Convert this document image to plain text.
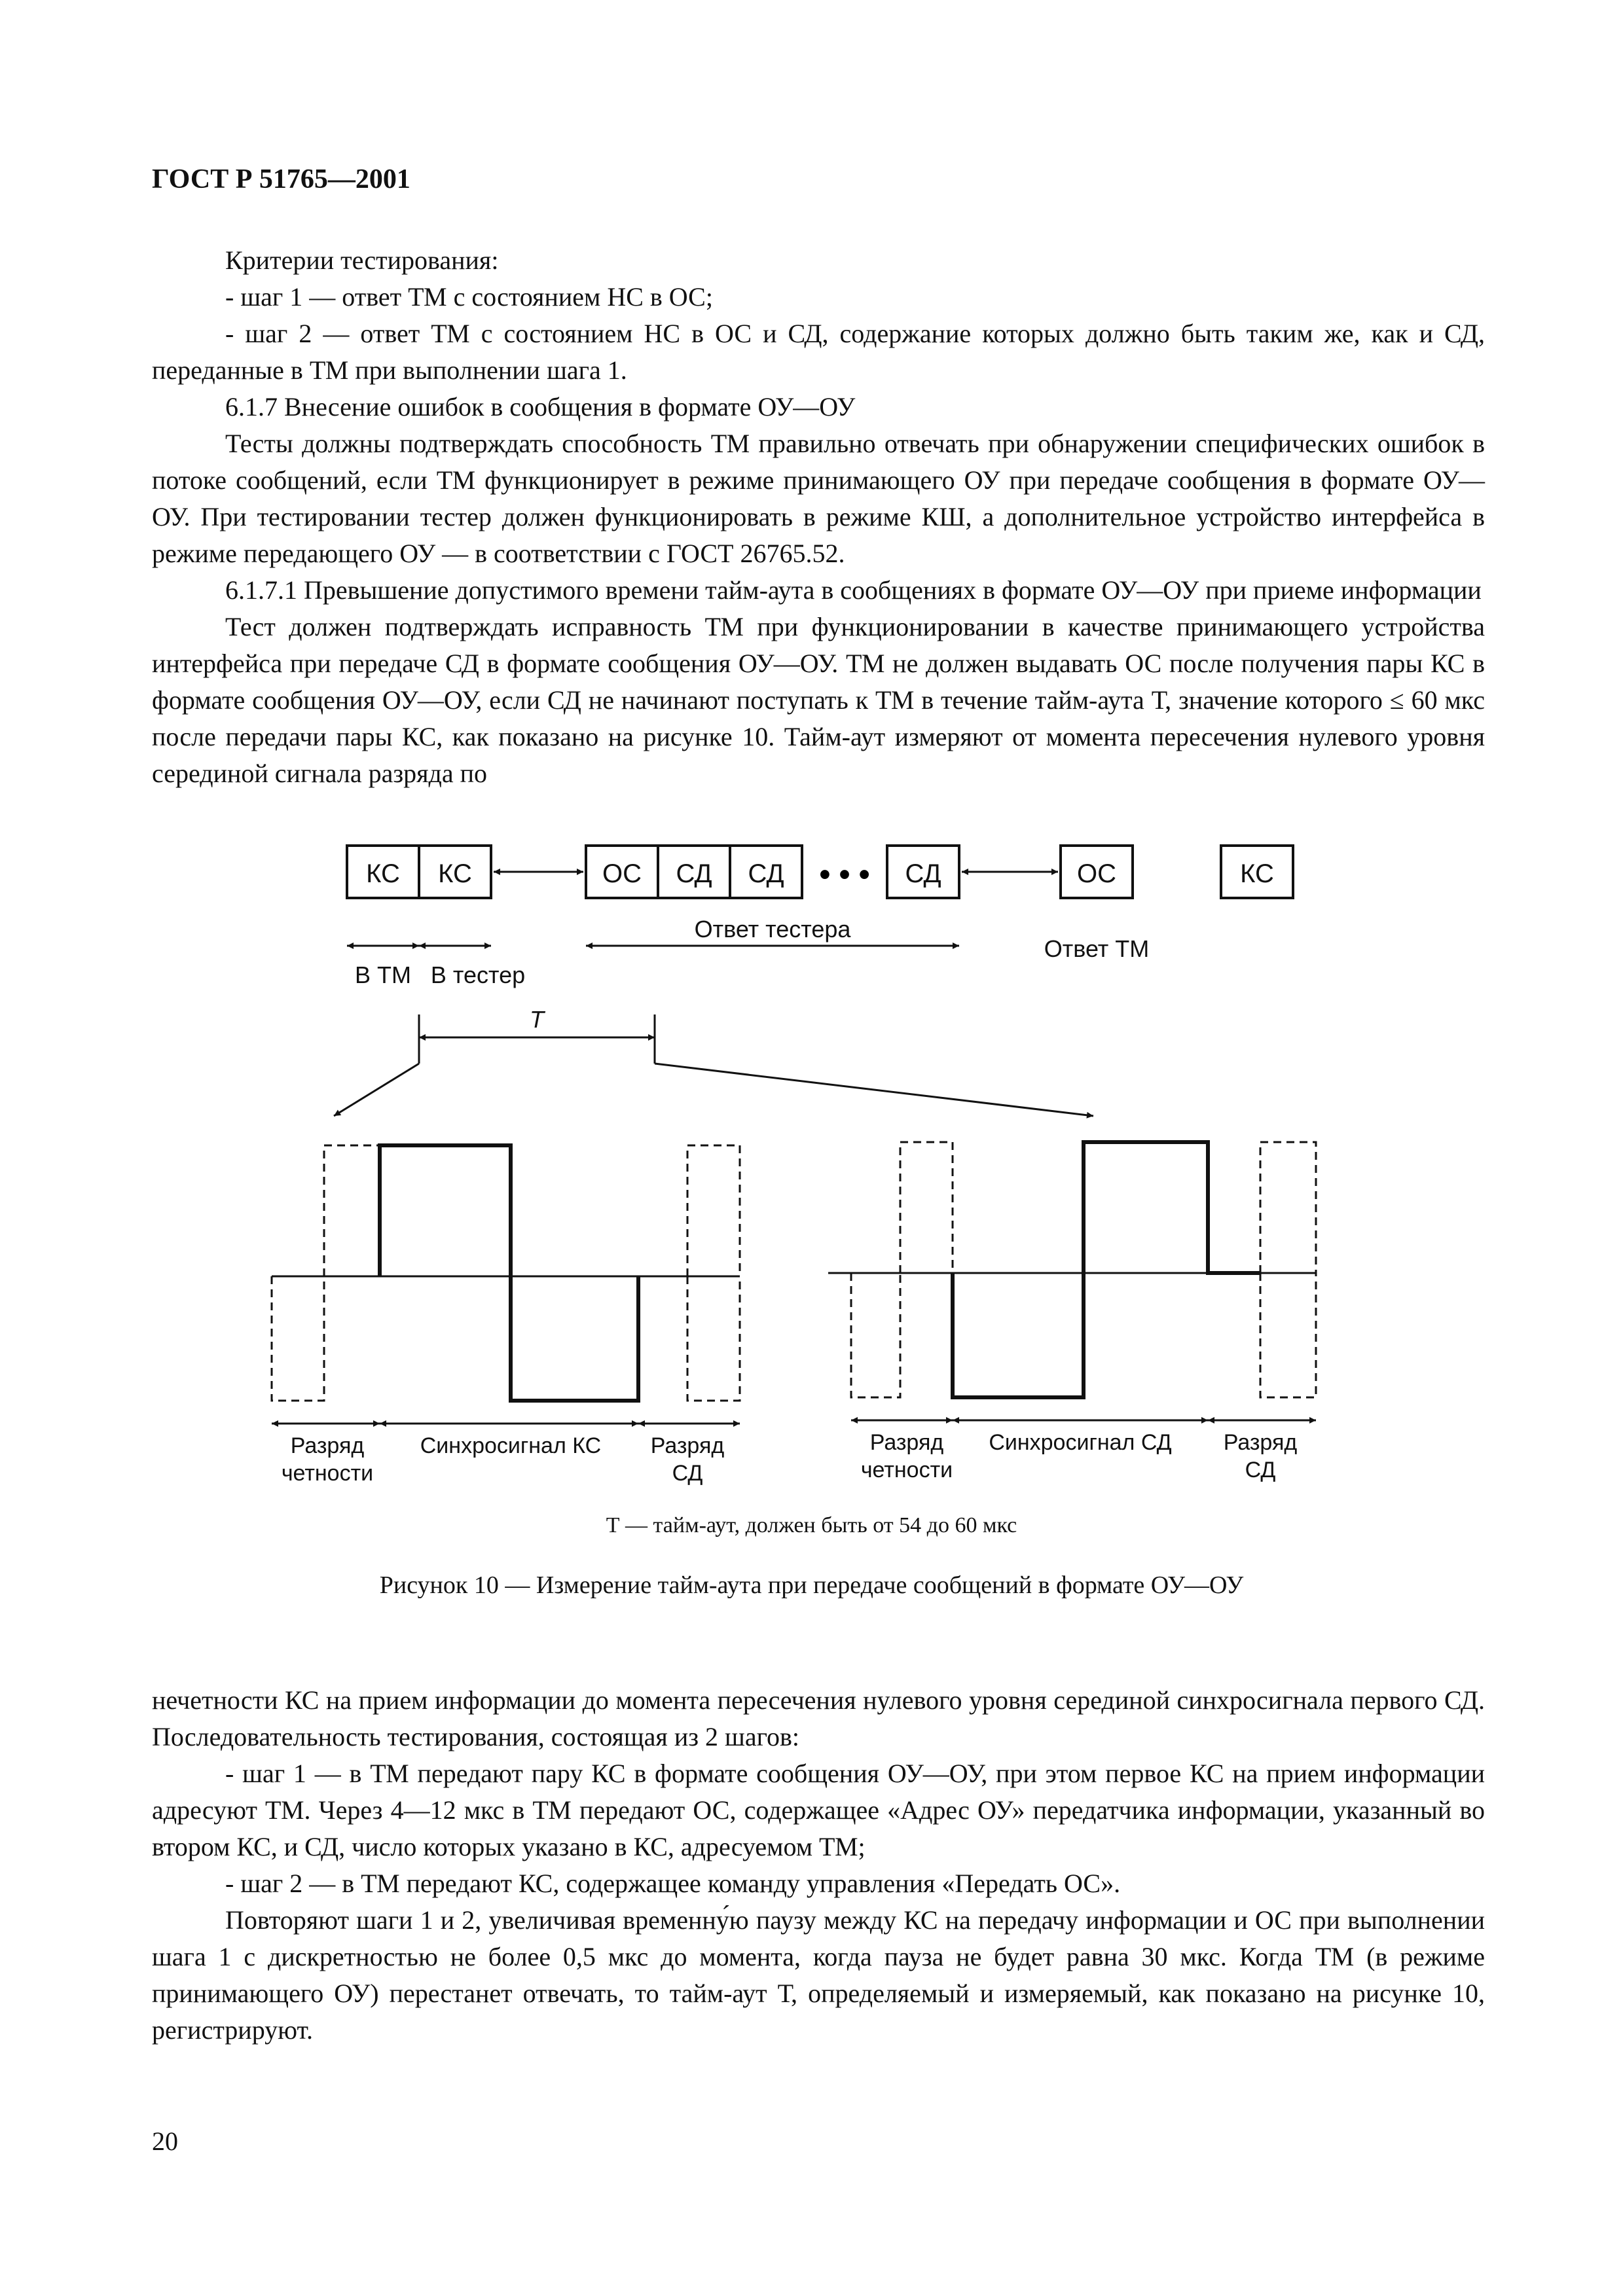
ГОСТ Р 51765—2001

Критерии тестирования:

- шаг 1 — ответ ТМ с состоянием НС в ОС;

- шаг 2 — ответ ТМ с состоянием НС в ОС и СД, содержание которых должно быть таким же, как и СД, переданные в ТМ при выполнении шага 1.

6.1.7 Внесение ошибок в сообщения в формате ОУ—ОУ

Тесты должны подтверждать способность ТМ правильно отвечать при обнаружении специфических ошибок в потоке сообщений, если ТМ функционирует в режиме принимающего ОУ при передаче сообщения в формате ОУ—ОУ. При тестировании тестер должен функционировать в режиме КШ, а дополнительное устройство интерфейса в режиме передающего ОУ — в соответствии с ГОСТ 26765.52.

6.1.7.1 Превышение допустимого времени тайм-аута в сообщениях в формате ОУ—ОУ при приеме информации

Тест должен подтверждать исправность ТМ при функционировании в качестве принимающего устройства интерфейса при передаче СД в формате сообщения ОУ—ОУ. ТМ не должен выдавать ОС после получения пары КС в формате сообщения ОУ—ОУ, если СД не начинают поступать к ТМ в течение тайм-аута Т, значение которого ≤ 60 мкс после передачи пары КС, как показано на рисунке 10. Тайм-аут измеряют от момента пересечения нулевого уровня серединой сигнала разряда по

КС КС	ОС СД СД	СД	ОС	КС
• • •
Ответ тестера
Ответ ТМ
В ТМ В тестер
T
Разряд
четности
Синхросигнал КС Разряд
СД
Разряд
четности
Синхросигнал СД Разряд
СД
Т — тайм-аут, должен быть от 54 до 60 мкс
Рисунок 10 — Измерение тайм-аута при передаче сообщений в формате ОУ—ОУ

нечетности КС на прием информации до момента пересечения нулевого уровня серединой синхросигнала первого СД. Последовательность тестирования, состоящая из 2 шагов:

- шаг 1 — в ТМ передают пару КС в формате сообщения ОУ—ОУ, при этом первое КС на прием информации адресуют ТМ. Через 4—12 мкс в ТМ передают ОС, содержащее «Адрес ОУ» передатчика информации, указанный во втором КС, и СД, число которых указано в КС, адресуемом ТМ;

- шаг 2 — в ТМ передают КС, содержащее команду управления «Передать ОС».

Повторяют шаги 1 и 2, увеличивая временну́ю паузу между КС на передачу информации и ОС при выполнении шага 1 с дискретностью не более 0,5 мкс до момента, когда пауза не будет равна 30 мкс. Когда ТМ (в режиме принимающего ОУ) перестанет отвечать, то тайм-аут Т, определяемый и измеряемый, как показано на рисунке 10, регистрируют.

20
